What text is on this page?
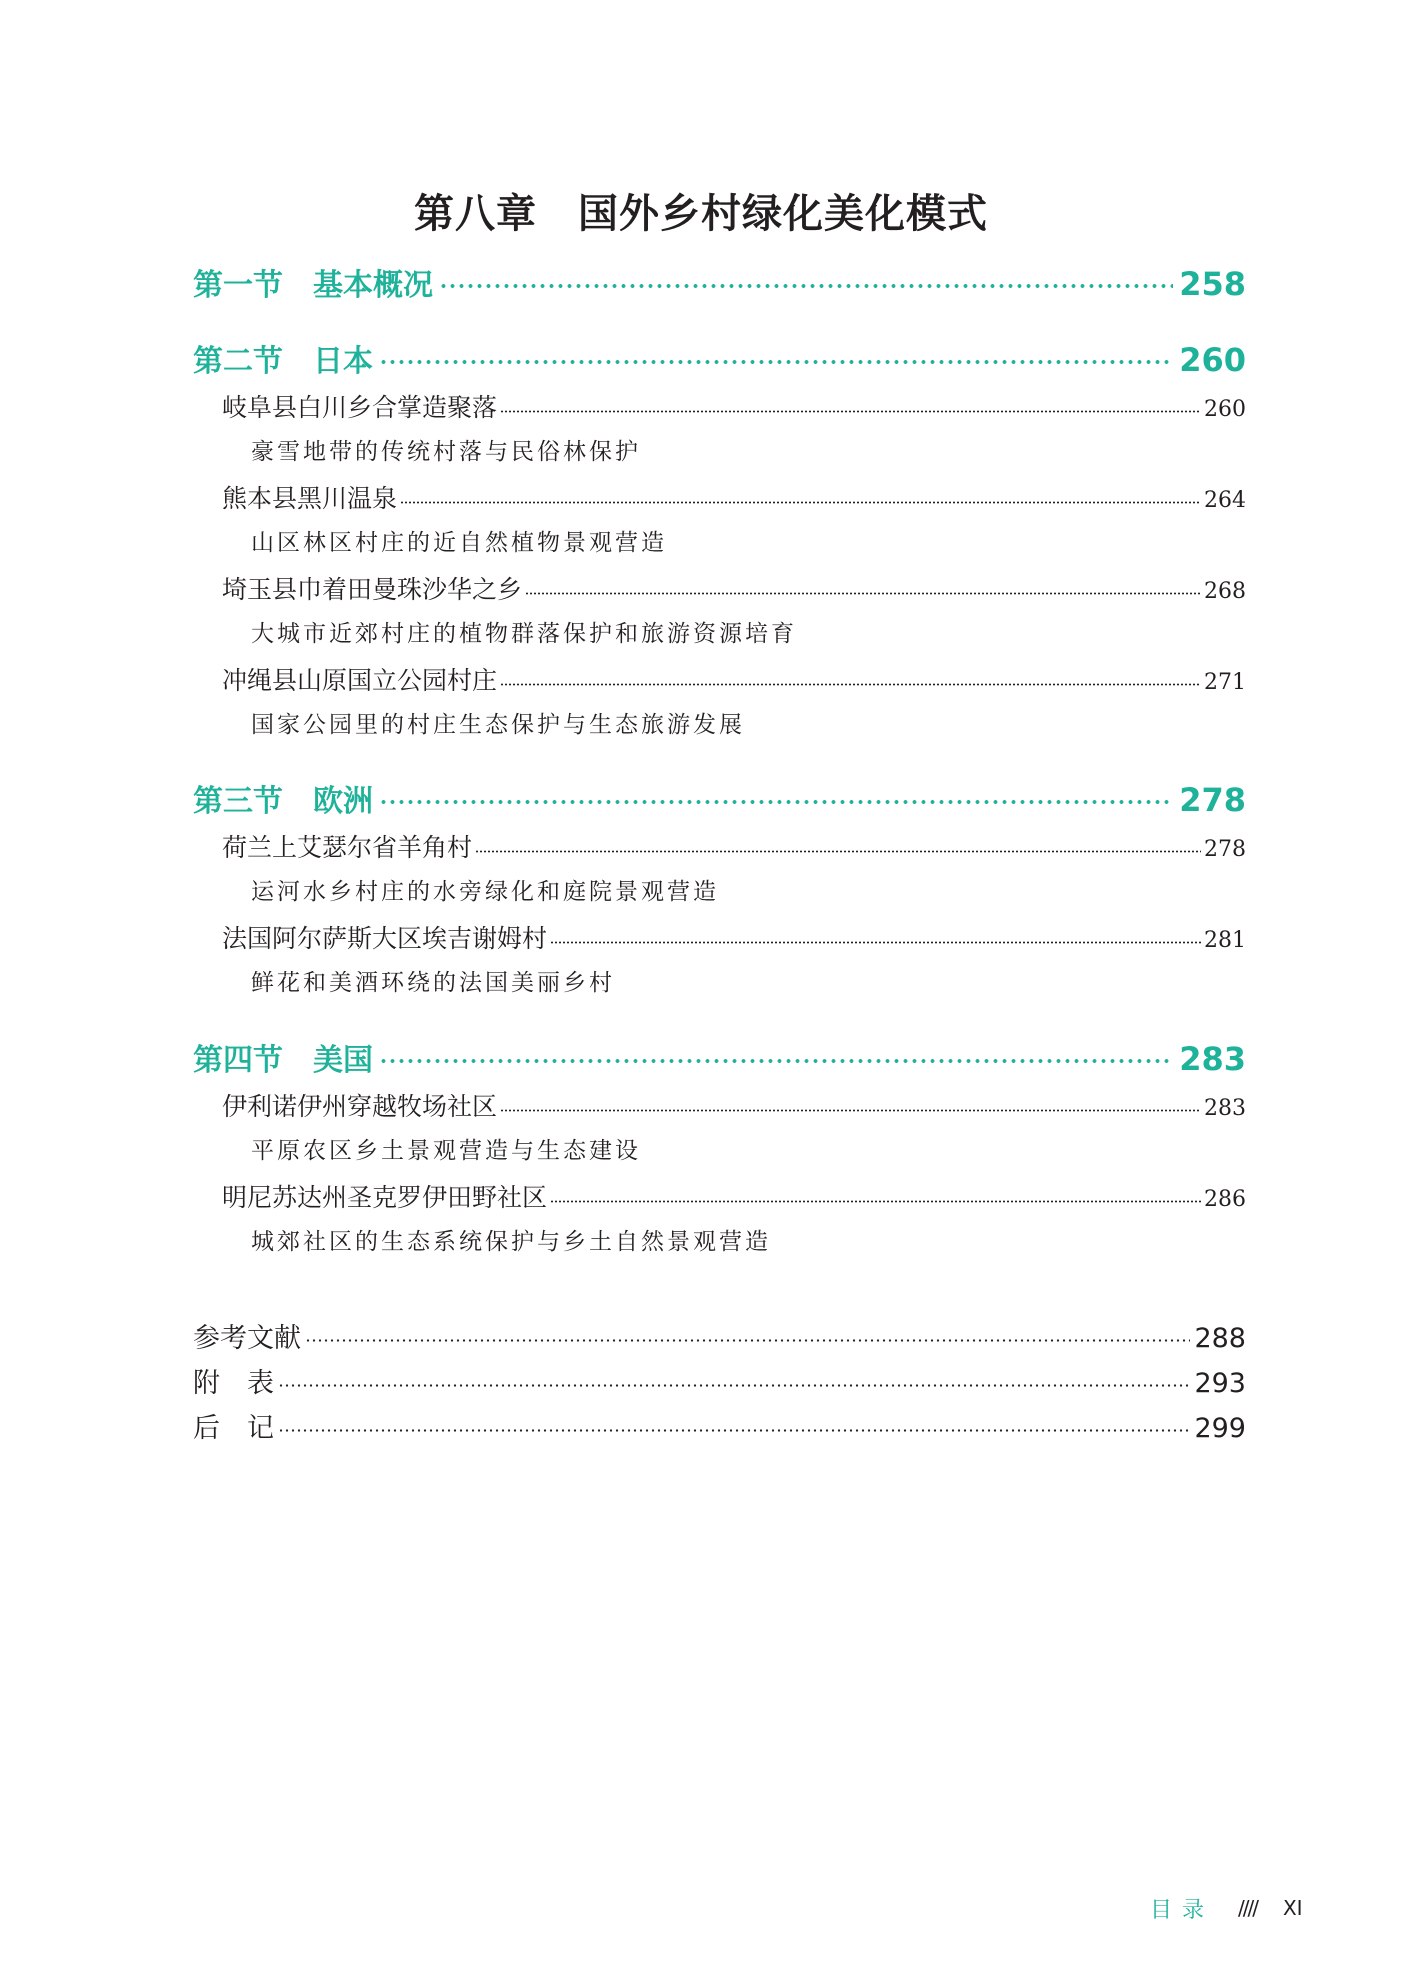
第八章　国外乡村绿化美化模式
第一节 基本概况	258
第二节 日本	260
岐阜县白川乡合掌造聚落	260
豪雪地带的传统村落与民俗林保护
熊本县黑川温泉	264
山区林区村庄的近自然植物景观营造
埼玉县巾着田曼珠沙华之乡	268
大城市近郊村庄的植物群落保护和旅游资源培育
冲绳县山原国立公园村庄	271
国家公园里的村庄生态保护与生态旅游发展
第三节 欧洲	278
荷兰上艾瑟尔省羊角村	278
运河水乡村庄的水旁绿化和庭院景观营造
法国阿尔萨斯大区埃吉谢姆村	281
鲜花和美酒环绕的法国美丽乡村
第四节 美国	283
伊利诺伊州穿越牧场社区	283
平原农区乡土景观营造与生态建设
明尼苏达州圣克罗伊田野社区	286
城郊社区的生态系统保护与乡土自然景观营造
参考文献	288
附　表	293
后　记	299
目录 //// XI
